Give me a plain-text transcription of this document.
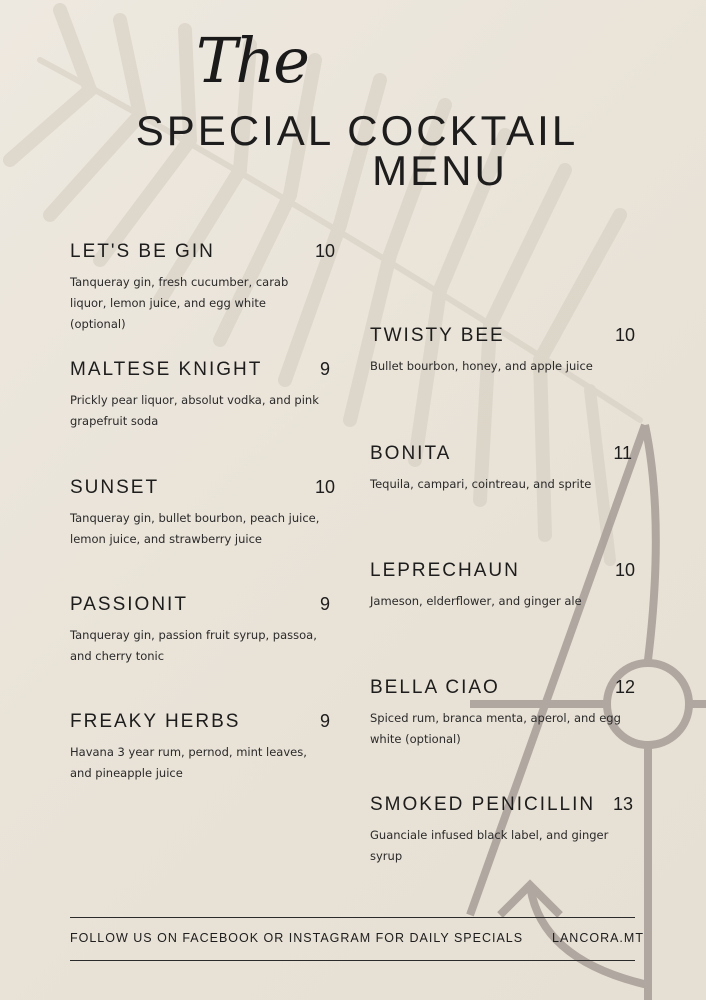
The
SPECIAL COCKTAIL
MENU
LET'S BE GIN	10
Tanqueray gin, fresh cucumber, carab liquor, lemon juice, and egg white (optional)
MALTESE KNIGHT	9
Prickly pear liquor, absolut vodka, and pink grapefruit soda
SUNSET	10
Tanqueray gin, bullet bourbon, peach juice, lemon juice, and strawberry juice
PASSIONIT	9
Tanqueray gin, passion fruit syrup, passoa, and cherry tonic
FREAKY HERBS	9
Havana 3 year rum, pernod, mint leaves, and pineapple juice
TWISTY BEE	10
Bullet bourbon, honey, and apple juice
BONITA	11
Tequila, campari, cointreau, and sprite
LEPRECHAUN	10
Jameson, elderflower, and ginger ale
BELLA CIAO	12
Spiced rum, branca menta, aperol, and egg white (optional)
SMOKED PENICILLIN 13
Guanciale infused black label, and ginger syrup
FOLLOW US ON FACEBOOK OR INSTAGRAM FOR DAILY SPECIALS LANCORA.MT
